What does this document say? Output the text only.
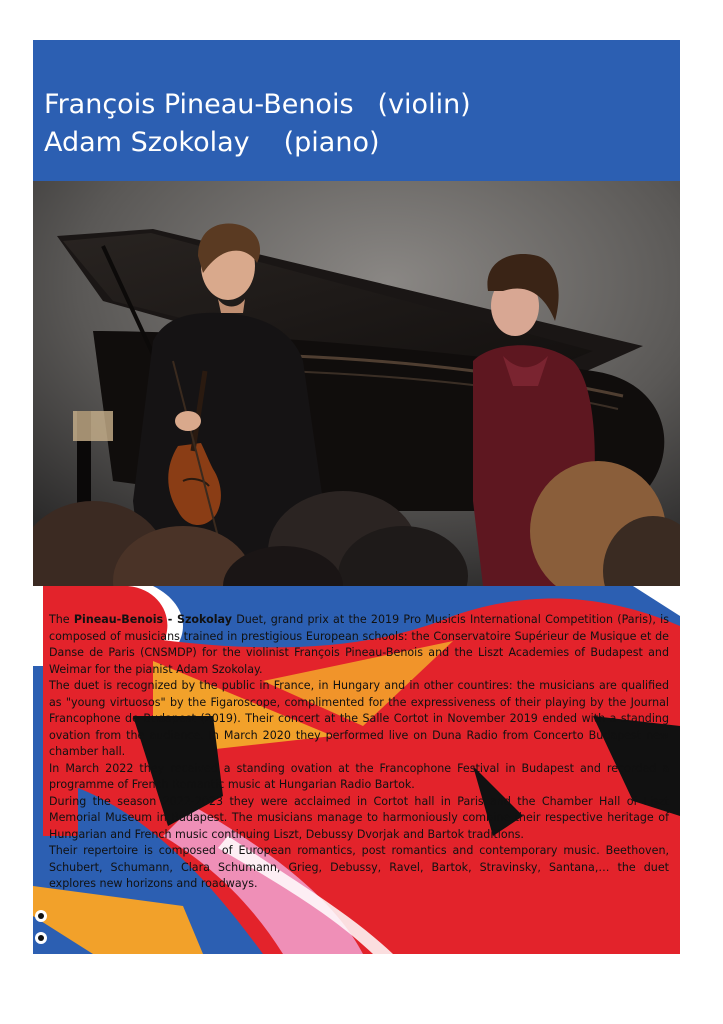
François Pineau-Benois (violin)
Adam Szokolay (piano)

The Pineau-Benois - Szokolay Duet, grand prix at the 2019 Pro Musicis International Competition (Paris), is composed of musicians trained in prestigious European schools: the Conservatoire Supérieur de Musique et de Danse de Paris (CNSMDP) for the violinist François Pineau-Benois and the Liszt Academies of Budapest and Weimar for the pianist Adam Szokolay.

The duet is recognized by the public in France, in Hungary and in other countires: the musicians are qualified as "young virtuosos" by the Figaroscope, complimented for the expressiveness of their playing by the Journal Francophone de Budapest (2019). Their concert at the Salle Cortot in November 2019 ended with a standing ovation from the audience. In March 2020 they performed live on Duna Radio from Concerto Budapest new chamber hall.

In March 2022 they received a standing ovation at the Francophone Festival in Budapest and recorded a programme of French Romantic music at Hungarian Radio Bartok.

During the season 2022-2023 they were acclaimed in Cortot hall in Paris and the Chamber Hall of Liszt Memorial Museum in Budapest. The musicians manage to harmoniously combine their respective heritage of Hungarian and French music continuing Liszt, Debussy Dvorjak and Bartok traditions.

Their repertoire is composed of European romantics, post romantics and contemporary music. Beethoven, Schubert, Schumann, Clara Schumann, Grieg, Debussy, Ravel, Bartok, Stravinsky, Santana,… the duet explores new horizons and roadways.
